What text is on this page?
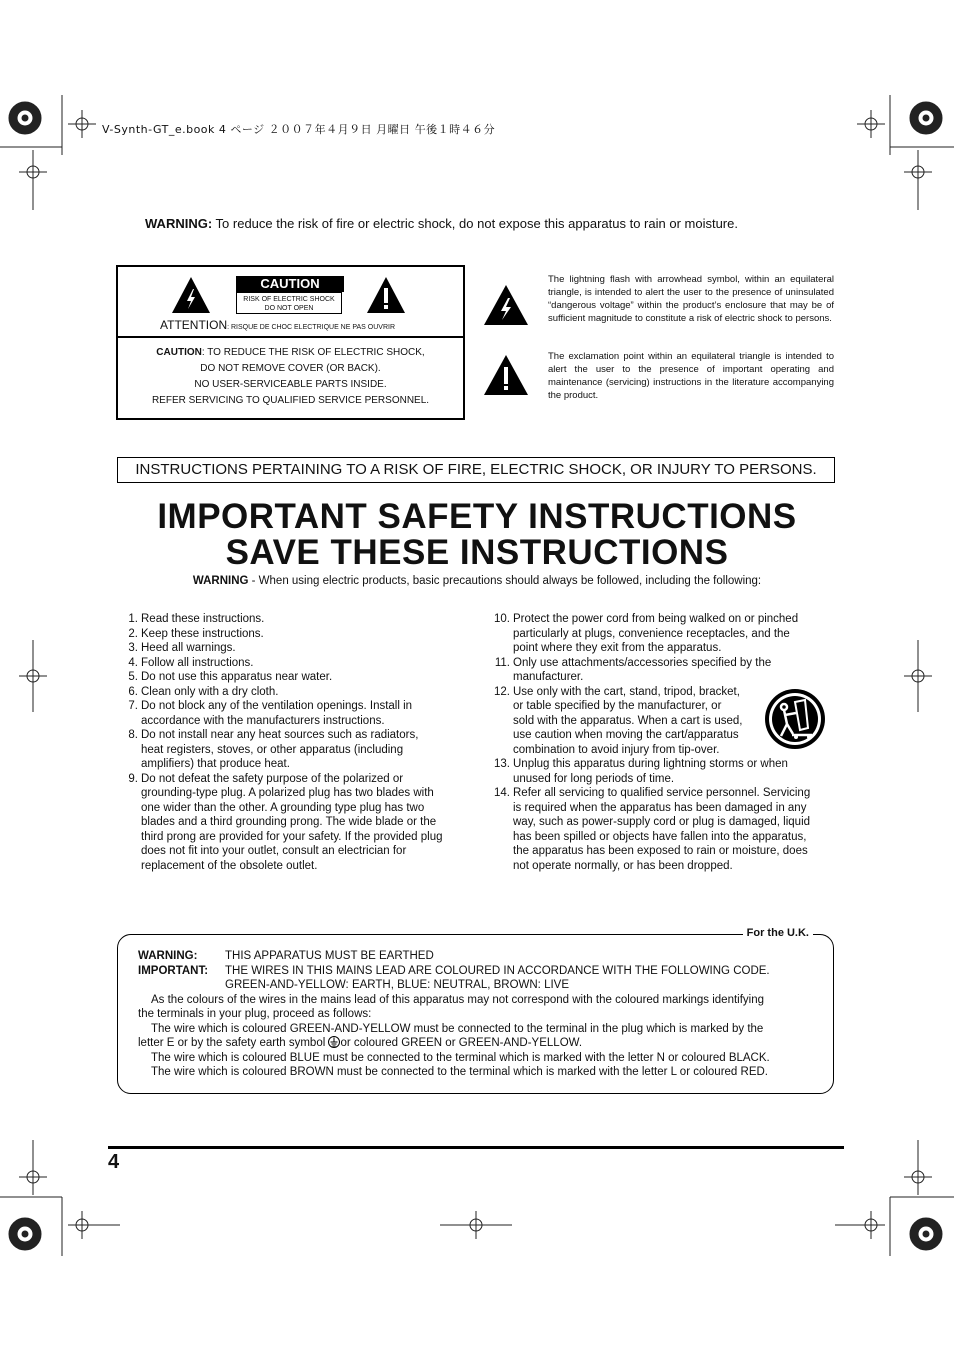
V-Synth-GT_e.book 4 ページ ２００７年４月９日 月曜日 午後１時４６分
WARNING: To reduce the risk of fire or electric shock, do not expose this apparatus to rain or moisture.
CAUTION
RISK OF ELECTRIC SHOCK
DO NOT OPEN
ATTENTION: RISQUE DE CHOC ELECTRIQUE NE PAS OUVRIR
CAUTION: TO REDUCE THE RISK OF ELECTRIC SHOCK,
DO NOT REMOVE COVER (OR BACK).
NO USER-SERVICEABLE PARTS INSIDE.
REFER SERVICING TO QUALIFIED SERVICE PERSONNEL.
The lightning flash with arrowhead symbol, within an equilateral triangle, is intended to alert the user to the presence of uninsulated “dangerous voltage” within the product’s enclosure that may be of sufficient magnitude to constitute a risk of electric shock to persons.
The exclamation point within an equilateral triangle is intended to alert the user to the presence of important operating and maintenance (servicing) instructions in the literature accompanying the product.
INSTRUCTIONS PERTAINING TO A RISK OF FIRE, ELECTRIC SHOCK, OR INJURY TO PERSONS.
IMPORTANT SAFETY INSTRUCTIONS
SAVE THESE INSTRUCTIONS
WARNING - When using electric products, basic precautions should always be followed, including the following:
1. Read these instructions.
2. Keep these instructions.
3. Heed all warnings.
4. Follow all instructions.
5. Do not use this apparatus near water.
6. Clean only with a dry cloth.
7. Do not block any of the ventilation openings. Install in
accordance with the manufacturers instructions.
8. Do not install near any heat sources such as radiators,
heat registers, stoves, or other apparatus (including
amplifiers) that produce heat.
9. Do not defeat the safety purpose of the polarized or
grounding-type plug. A polarized plug has two blades with
one wider than the other. A grounding type plug has two
blades and a third grounding prong. The wide blade or the
third prong are provided for your safety. If the provided plug
does not fit into your outlet, consult an electrician for
replacement of the obsolete outlet.
10. Protect the power cord from being walked on or pinched
particularly at plugs, convenience receptacles, and the
point where they exit from the apparatus.
11. Only use attachments/accessories specified by the
manufacturer.
12. Use only with the cart, stand, tripod, bracket,
or table specified by the manufacturer, or
sold with the apparatus. When a cart is used,
use caution when moving the cart/apparatus
combination to avoid injury from tip-over.
13. Unplug this apparatus during lightning storms or when
unused for long periods of time.
14. Refer all servicing to qualified service personnel. Servicing
is required when the apparatus has been damaged in any
way, such as power-supply cord or plug is damaged, liquid
has been spilled or objects have fallen into the apparatus,
the apparatus has been exposed to rain or moisture, does
not operate normally, or has been dropped.
For the U.K.
WARNING: THIS APPARATUS MUST BE EARTHED
IMPORTANT: THE WIRES IN THIS MAINS LEAD ARE COLOURED IN ACCORDANCE WITH THE FOLLOWING CODE.
GREEN-AND-YELLOW: EARTH, BLUE: NEUTRAL, BROWN: LIVE
As the colours of the wires in the mains lead of this apparatus may not correspond with the coloured markings identifying
the terminals in your plug, proceed as follows:
The wire which is coloured GREEN-AND-YELLOW must be connected to the terminal in the plug which is marked by the
letter E or by the safety earth symbol or coloured GREEN or GREEN-AND-YELLOW.
The wire which is coloured BLUE must be connected to the terminal which is marked with the letter N or coloured BLACK.
The wire which is coloured BROWN must be connected to the terminal which is marked with the letter L or coloured RED.
4
